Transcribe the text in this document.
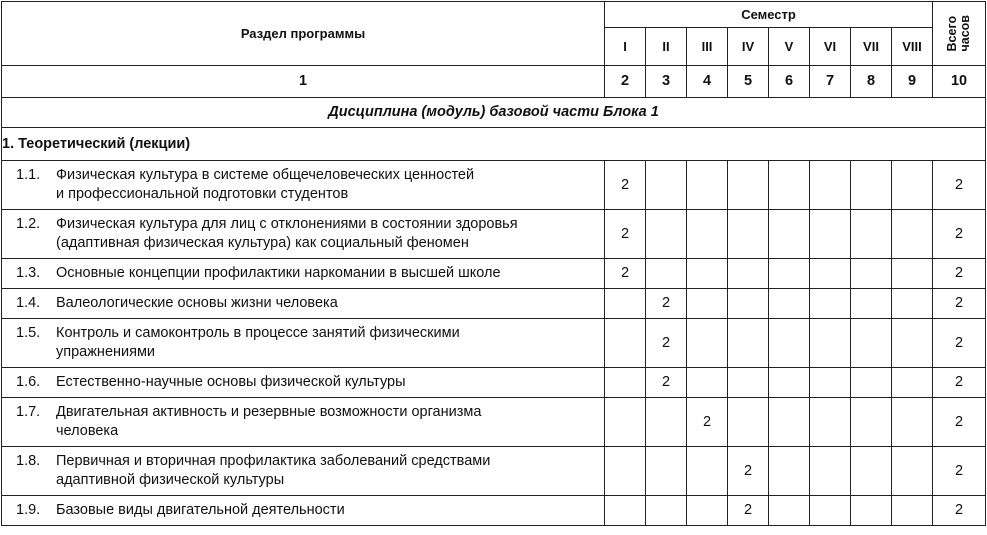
Раздел программы	Семестр								Всего часов

	I	II	III	IV	V	VI	VII	VIII	
1	2	3	4	5	6	7	8	9	10
Дисциплина (модуль) базовой части Блока 1									
1. Теоретический (лекции)									

1.1. Физическая культура в системе общечеловеческих ценностей
и профессиональной подготовки студентов	2								2

1.2. Физическая культура для лиц с отклонениями в состоянии здоровья
(адаптивная физическая культура) как социальный феномен	2								2

1.3. Основные концепции профилактики наркомании в высшей школе	2								2

1.4. Валеологические основы жизни человека		2							2

1.5. Контроль и самоконтроль в процессе занятий физическими
упражнениями		2							2

1.6. Естественно-научные основы физической культуры		2							2

1.7. Двигательная активность и резервные возможности организма
человека			2						2

1.8. Первичная и вторичная профилактика заболеваний средствами
адаптивной физической культуры				2					2

1.9. Базовые виды двигательной деятельности				2					2
